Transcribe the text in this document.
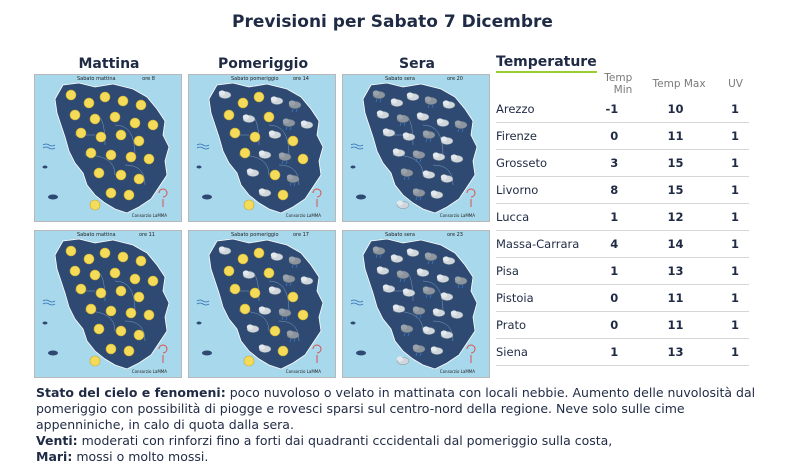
Previsioni per Sabato 7 Dicembre
Mattina	Pomeriggio	Sera
Sabato mattina	ore 8
Consorzio LaMMA
Sabato pomeriggio	ore 14
Consorzio LaMMA
Sabato sera	ore 20
Consorzio LaMMA
Sabato mattina	ore 11
Consorzio LaMMA
Sabato pomeriggio	ore 17
Consorzio LaMMA
Sabato sera	ore 23
Consorzio LaMMA
Temperature
	Temp Min	Temp Max	UV
Arezzo	-1	10	1
Firenze	0	11	1
Grosseto	3	15	1
Livorno	8	15	1
Lucca	1	12	1
Massa-Carrara	4	14	1
Pisa	1	13	1
Pistoia	0	11	1
Prato	0	11	1
Siena	1	13	1

Stato del cielo e fenomeni: poco nuvoloso o velato in mattinata con locali nebbie. Aumento delle nuvolosità dal pomeriggio con possibilità di piogge e rovesci sparsi sul centro-nord della regione. Neve solo sulle cime appenniniche, in calo di quota dalla sera.

Venti: moderati con rinforzi fino a forti dai quadranti cccidentali dal pomeriggio sulla costa,

Mari: mossi o molto mossi.
